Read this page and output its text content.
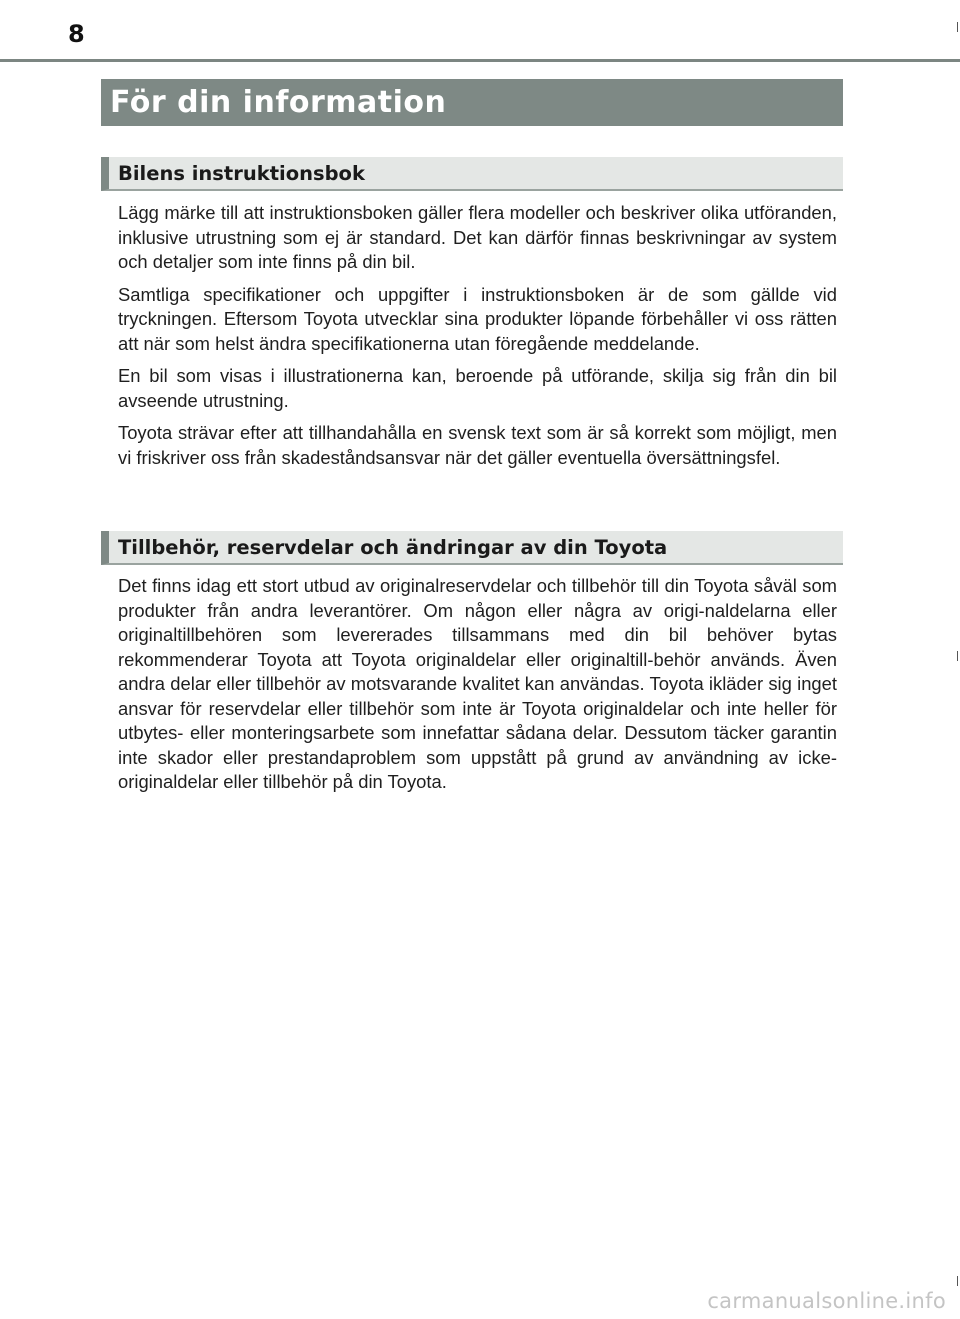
8
För din information
Bilens instruktionsbok

Lägg märke till att instruktionsboken gäller flera modeller och beskriver olika utföranden, inklusive utrustning som ej är standard. Det kan därför finnas beskrivningar av system och detaljer som inte finns på din bil.

Samtliga specifikationer och uppgifter i instruktionsboken är de som gällde vid tryckningen. Eftersom Toyota utvecklar sina produkter löpande förbehåller vi oss rätten att när som helst ändra specifikationerna utan föregående meddelande.

En bil som visas i illustrationerna kan, beroende på utförande, skilja sig från din bil avseende utrustning.

Toyota strävar efter att tillhandahålla en svensk text som är så korrekt som möjligt, men vi friskriver oss från skadeståndsansvar när det gäller eventuella översättningsfel.

Tillbehör, reservdelar och ändringar av din Toyota

Det finns idag ett stort utbud av originalreservdelar och tillbehör till din Toyota såväl som produkter från andra leverantörer. Om någon eller några av origi-naldelarna eller originaltillbehören som levererades tillsammans med din bil behöver bytas rekommenderar Toyota att Toyota originaldelar eller originaltill-behör används. Även andra delar eller tillbehör av motsvarande kvalitet kan användas. Toyota ikläder sig inget ansvar för reservdelar eller tillbehör som inte är Toyota originaldelar och inte heller för utbytes- eller monteringsarbete som innefattar sådana delar. Dessutom täcker garantin inte skador eller prestandaproblem som uppstått på grund av användning av icke-originaldelar eller tillbehör på din Toyota.

carmanualsonline.info
